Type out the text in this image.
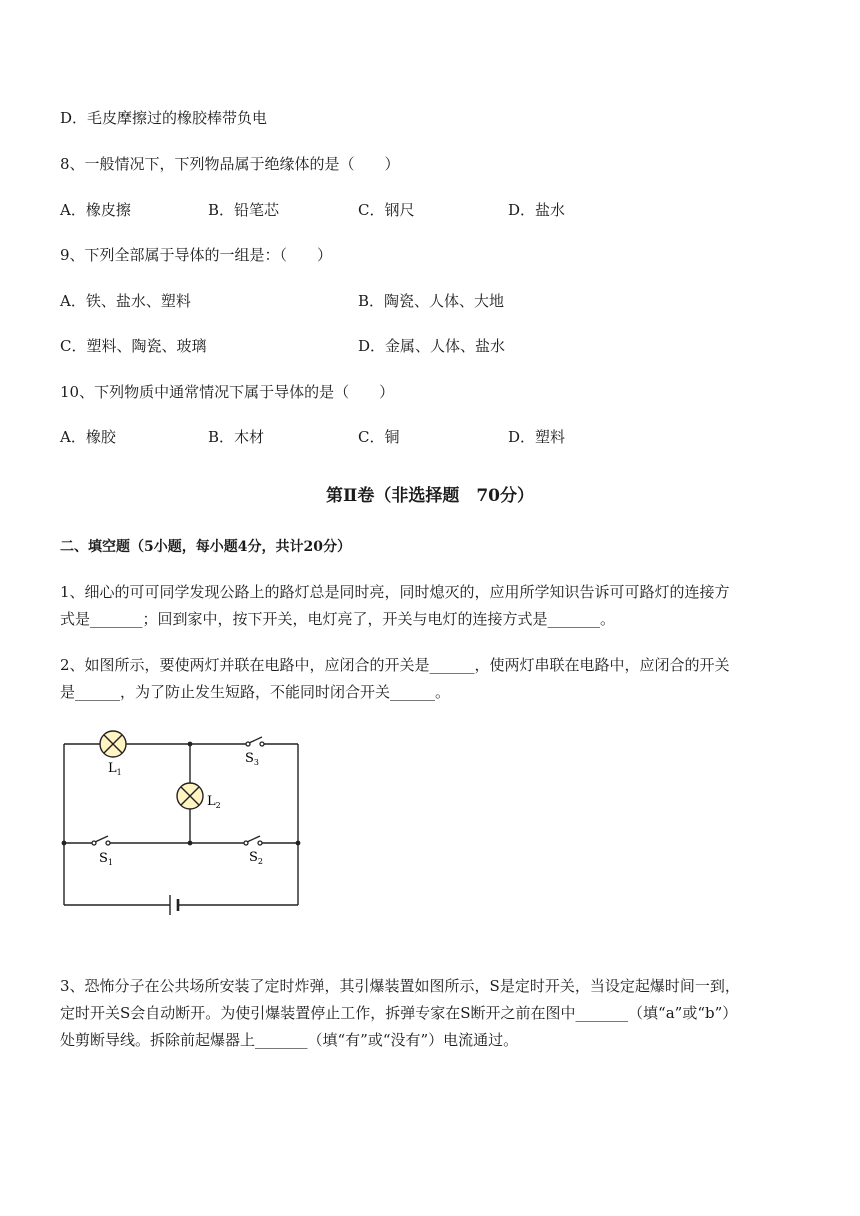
D．毛皮摩擦过的橡胶棒带负电
8、一般情况下，下列物品属于绝缘体的是（　　）
A．橡皮擦	B．铅笔芯	C．钢尺	D．盐水
9、下列全部属于导体的一组是：（　　）
A．铁、盐水、塑料	B．陶瓷、人体、大地
C．塑料、陶瓷、玻璃	D．金属、人体、盐水
10、下列物质中通常情况下属于导体的是（　　）
A．橡胶	B．木材	C．铜	D．塑料
第Ⅱ卷（非选择题　70分）
二、填空题（5小题，每小题4分，共计20分）
1、细心的可可同学发现公路上的路灯总是同时亮，同时熄灭的，应用所学知识告诉可可路灯的连接方
式是_______；回到家中，按下开关，电灯亮了，开关与电灯的连接方式是_______。
2、如图所示，要使两灯并联在电路中，应闭合的开关是______，使两灯串联在电路中，应闭合的开关
是______，为了防止发生短路，不能同时闭合开关______。
$L_1$
$L_2$
$S_3$
$S_1$	$S_2$
3、恐怖分子在公共场所安装了定时炸弹，其引爆装置如图所示，S是定时开关，当设定起爆时间一到，
定时开关S会自动断开。为使引爆装置停止工作，拆弹专家在S断开之前在图中_______（填“a”或“b”）
处剪断导线。拆除前起爆器上_______（填“有”或“没有”）电流通过。
